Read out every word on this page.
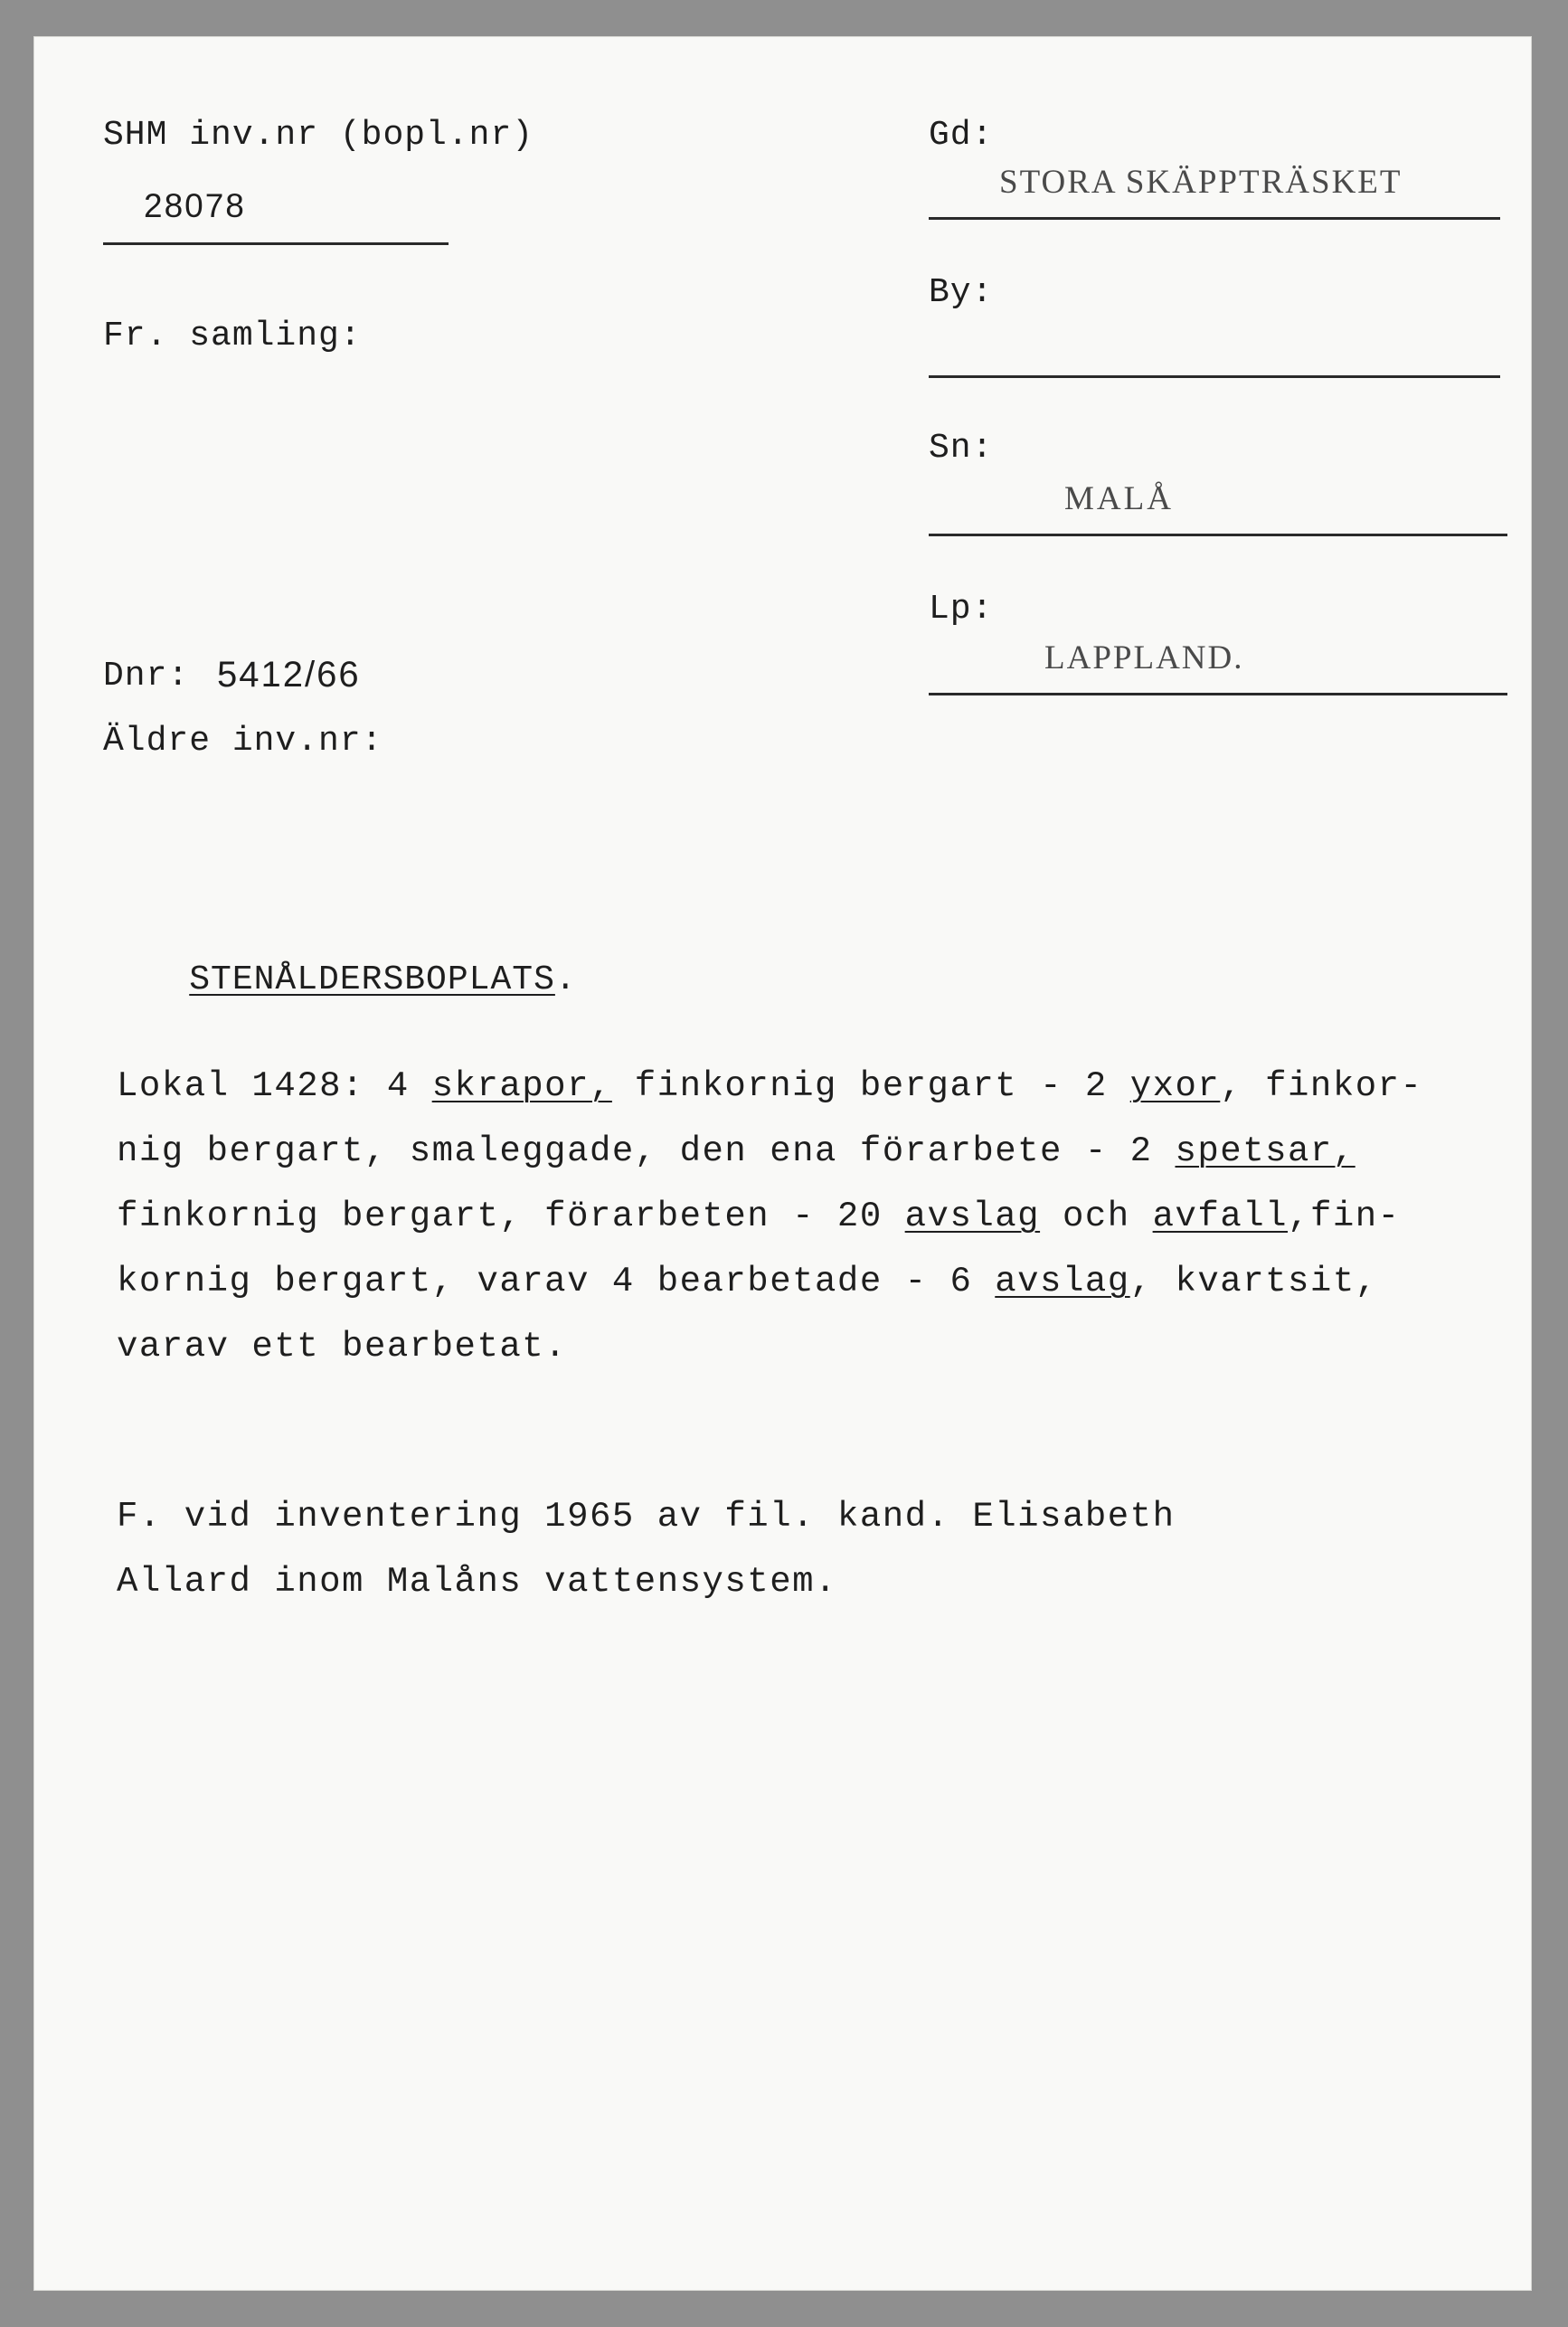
SHM inv.nr (bopl.nr)
28078
Fr. samling:
Dnr: 5412/66
Äldre inv.nr:
Gd:
STORA SKÄPPTRÄSKET
By:
Sn:
MALÅ
Lp:
LAPPLAND.

STENÅLDERSBOPLATS.

Lokal 1428: 4 skrapor, finkornig bergart - 2 yxor, finkor-
nig bergart, smaleggade, den ena förarbete - 2 spetsar,
finkornig bergart, förarbeten - 20 avslag och avfall,fin-
kornig bergart, varav 4 bearbetade - 6 avslag, kvartsit,
varav ett bearbetat.
F. vid inventering 1965 av fil. kand. Elisabeth
Allard inom Malåns vattensystem.
